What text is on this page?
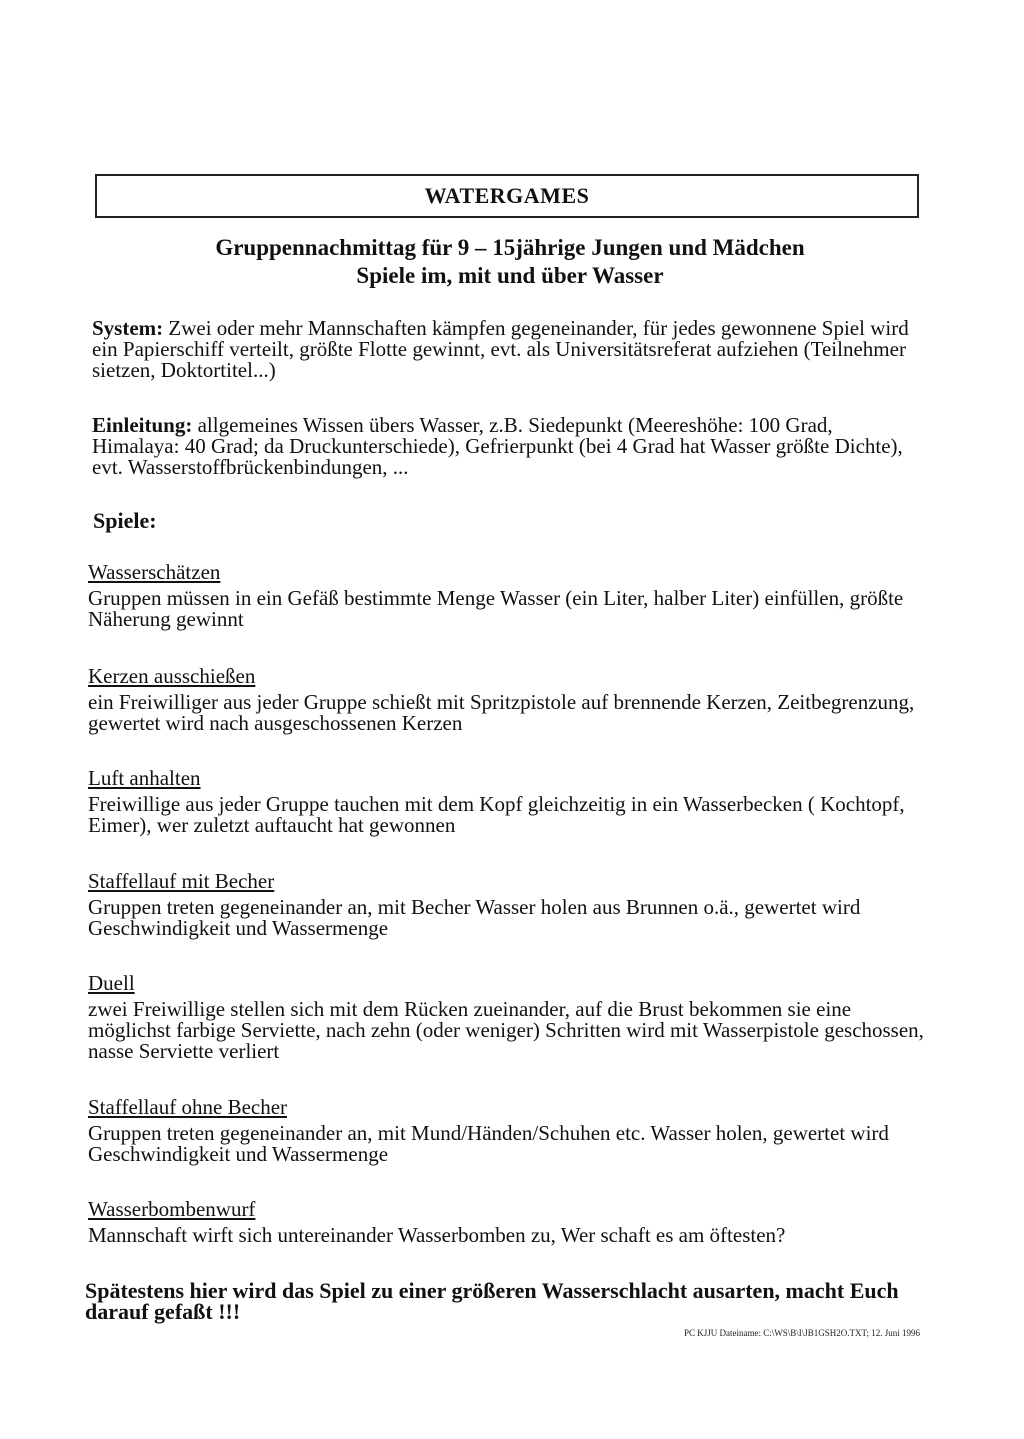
WATERGAMES
Gruppennachmittag für 9 – 15jährige Jungen und Mädchen
Spiele im, mit und über Wasser
System: Zwei oder mehr Mannschaften kämpfen gegeneinander, für jedes gewonnene Spiel wird ein Papierschiff verteilt, größte Flotte gewinnt, evt. als Universitätsreferat aufziehen (Teilnehmer sietzen, Doktortitel...)
Einleitung: allgemeines Wissen übers Wasser, z.B. Siedepunkt (Meereshöhe: 100 Grad, Himalaya: 40 Grad; da Druckunterschiede), Gefrierpunkt (bei 4 Grad hat Wasser größte Dichte), evt. Wasserstoffbrückenbindungen, ...
Spiele:
Wasserschätzen
Gruppen müssen in ein Gefäß bestimmte Menge Wasser (ein Liter, halber Liter) einfüllen, größte Näherung gewinnt
Kerzen ausschießen
ein Freiwilliger aus jeder Gruppe schießt mit Spritzpistole auf brennende Kerzen, Zeitbegrenzung, gewertet wird nach ausgeschossenen Kerzen
Luft anhalten
Freiwillige aus jeder Gruppe tauchen mit dem Kopf gleichzeitig in ein Wasserbecken ( Kochtopf, Eimer), wer zuletzt auftaucht hat gewonnen
Staffellauf mit Becher
Gruppen treten gegeneinander an, mit Becher Wasser holen aus Brunnen o.ä., gewertet wird Geschwindigkeit und Wassermenge
Duell
zwei Freiwillige stellen sich mit dem Rücken zueinander, auf die Brust bekommen sie eine möglichst farbige Serviette, nach zehn (oder weniger) Schritten wird mit Wasserpistole geschossen, nasse Serviette verliert
Staffellauf ohne Becher
Gruppen treten gegeneinander an, mit Mund/Händen/Schuhen etc. Wasser holen, gewertet wird Geschwindigkeit und Wassermenge
Wasserbombenwurf
Mannschaft wirft sich untereinander Wasserbomben zu, Wer schaft es am öftesten?
Spätestens hier wird das Spiel zu einer größeren Wasserschlacht ausarten, macht Euch darauf gefaßt !!!
PC KJJU Dateiname: C:\WS\B\I\JB1GSH2O.TXT; 12. Juni 1996
